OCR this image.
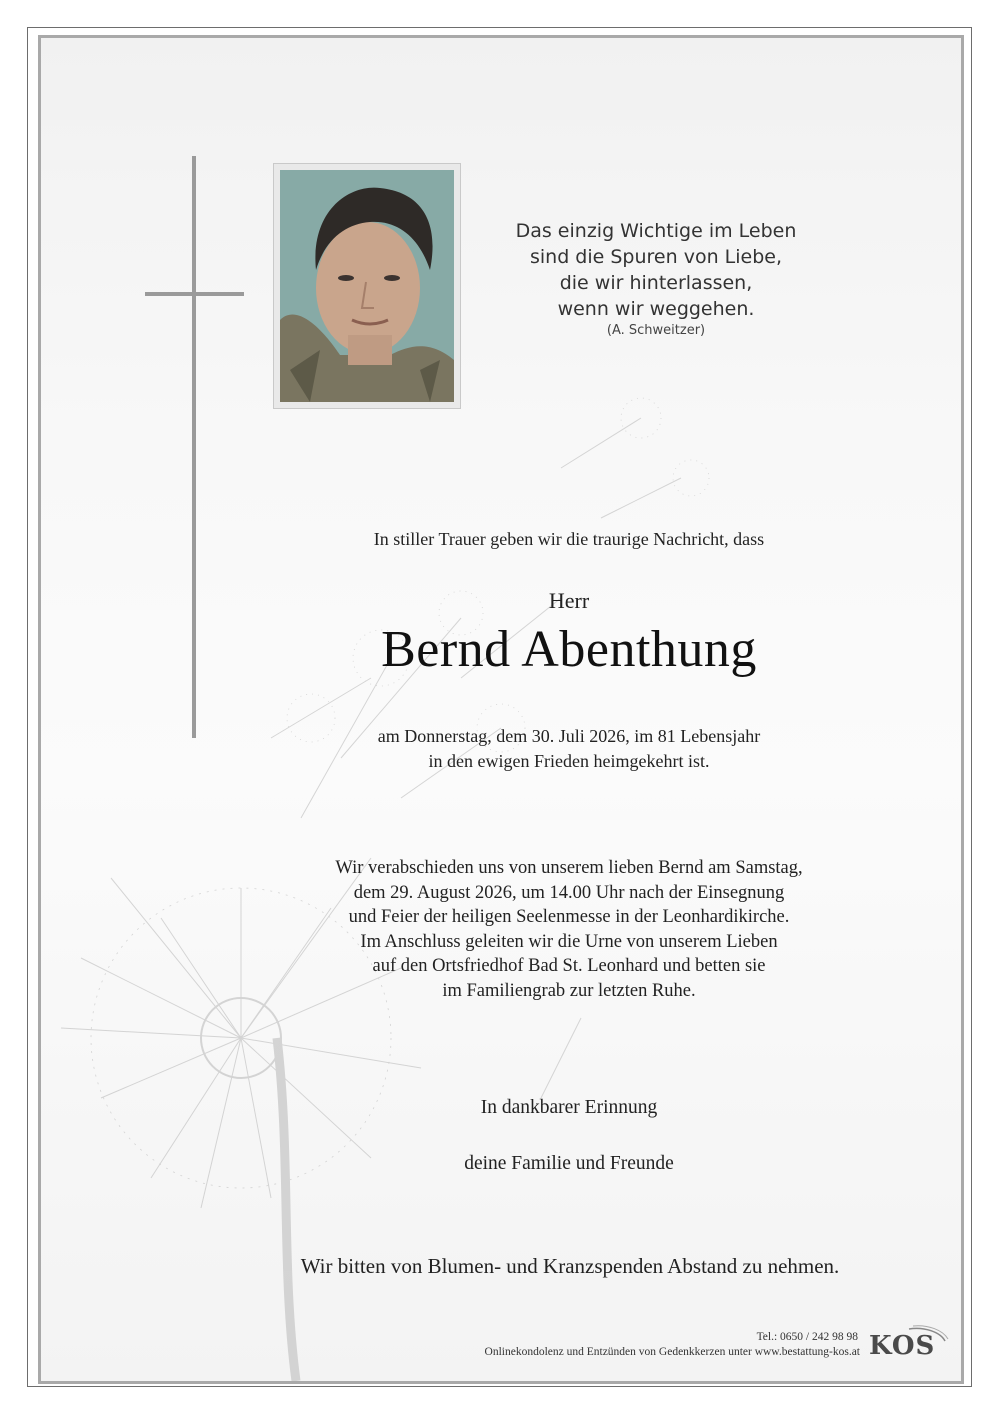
Das einzig Wichtige im Leben
sind die Spuren von Liebe,
die wir hinterlassen,
wenn wir weggehen.
(A. Schweitzer)
In stiller Trauer geben wir die traurige Nachricht, dass
Herr
Bernd Abenthung
am Donnerstag, dem 30. Juli 2026, im 81 Lebensjahr
in den ewigen Frieden heimgekehrt ist.
Wir verabschieden uns von unserem lieben Bernd am Samstag,
dem 29. August 2026, um 14.00 Uhr nach der Einsegnung
und Feier der heiligen Seelenmesse in der Leonhardikirche.
Im Anschluss geleiten wir die Urne von unserem Lieben
auf den Ortsfriedhof Bad St. Leonhard und betten sie
im Familiengrab zur letzten Ruhe.
In dankbarer Erinnung
deine Familie und Freunde
Wir bitten von Blumen- und Kranzspenden Abstand zu nehmen.
Tel.: 0650 / 242 98 98
Onlinekondolenz und Entzünden von Gedenkkerzen unter www.bestattung-kos.at KOS
